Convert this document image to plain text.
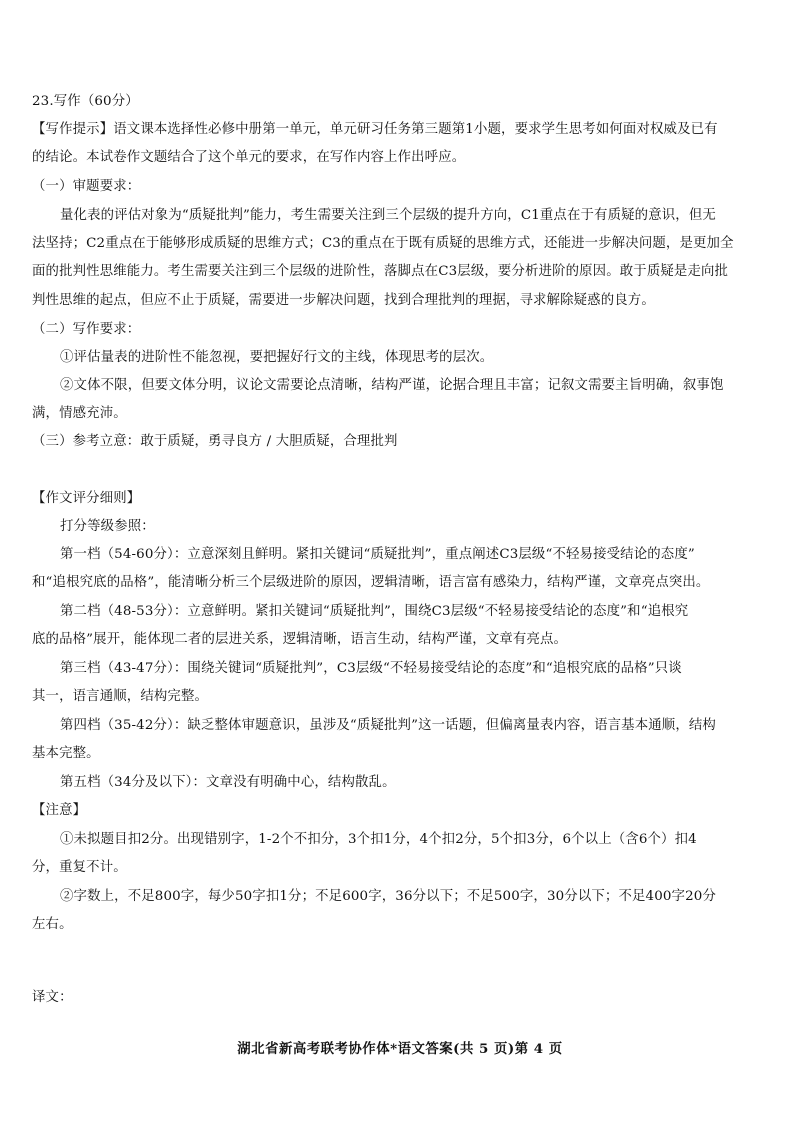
23.写作（60分）
【写作提示】语文课本选择性必修中册第一单元，单元研习任务第三题第1小题，要求学生思考如何面对权威及已有
的结论。本试卷作文题结合了这个单元的要求，在写作内容上作出呼应。
（一）审题要求：
量化表的评估对象为“质疑批判”能力，考生需要关注到三个层级的提升方向，C1重点在于有质疑的意识，但无
法坚持；C2重点在于能够形成质疑的思维方式；C3的重点在于既有质疑的思维方式，还能进一步解决问题，是更加全
面的批判性思维能力。考生需要关注到三个层级的进阶性，落脚点在C3层级，要分析进阶的原因。敢于质疑是走向批
判性思维的起点，但应不止于质疑，需要进一步解决问题，找到合理批判的理据，寻求解除疑惑的良方。
（二）写作要求：
①评估量表的进阶性不能忽视，要把握好行文的主线，体现思考的层次。
②文体不限，但要文体分明，议论文需要论点清晰，结构严谨，论据合理且丰富；记叙文需要主旨明确，叙事饱
满，情感充沛。
（三）参考立意：敢于质疑，勇寻良方 / 大胆质疑，合理批判
【作文评分细则】
打分等级参照：
第一档（54-60分）：立意深刻且鲜明。紧扣关键词“质疑批判”，重点阐述C3层级“不轻易接受结论的态度”
和“追根究底的品格”，能清晰分析三个层级进阶的原因，逻辑清晰，语言富有感染力，结构严谨，文章亮点突出。
第二档（48-53分）：立意鲜明。紧扣关键词“质疑批判”，围绕C3层级“不轻易接受结论的态度”和“追根究
底的品格”展开，能体现二者的层进关系，逻辑清晰，语言生动，结构严谨，文章有亮点。
第三档（43-47分）：围绕关键词“质疑批判”，C3层级“不轻易接受结论的态度”和“追根究底的品格”只谈
其一，语言通顺，结构完整。
第四档（35-42分）：缺乏整体审题意识，虽涉及“质疑批判”这一话题，但偏离量表内容，语言基本通顺，结构
基本完整。
第五档（34分及以下）：文章没有明确中心，结构散乱。
【注意】
①未拟题目扣2分。出现错别字，1-2个不扣分，3个扣1分，4个扣2分，5个扣3分，6个以上（含6个）扣4
分，重复不计。
②字数上，不足800字，每少50字扣1分；不足600字，36分以下；不足500字，30分以下；不足400字20分
左右。
译文：
湖北省新高考联考协作体*语文答案(共 5 页)第 4 页
